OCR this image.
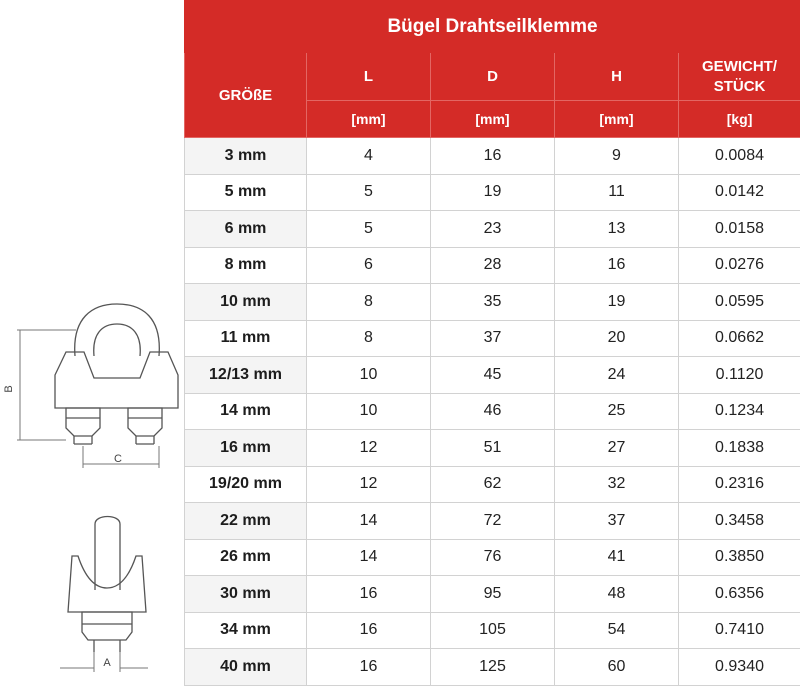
B
C
A
Bügel Drahtseilklemme				
GRÖßE	L	D	H	GEWICHT/
STÜCK
	[mm]	[mm]	[mm]	[kg]
3 mm	4	16	9	0.0084
5 mm	5	19	11	0.0142
6 mm	5	23	13	0.0158
8 mm	6	28	16	0.0276
10 mm	8	35	19	0.0595
11 mm	8	37	20	0.0662
12/13 mm	10	45	24	0.1120
14 mm	10	46	25	0.1234
16 mm	12	51	27	0.1838
19/20 mm	12	62	32	0.2316
22 mm	14	72	37	0.3458
26 mm	14	76	41	0.3850
30 mm	16	95	48	0.6356
34 mm	16	105	54	0.7410
40 mm	16	125	60	0.9340
